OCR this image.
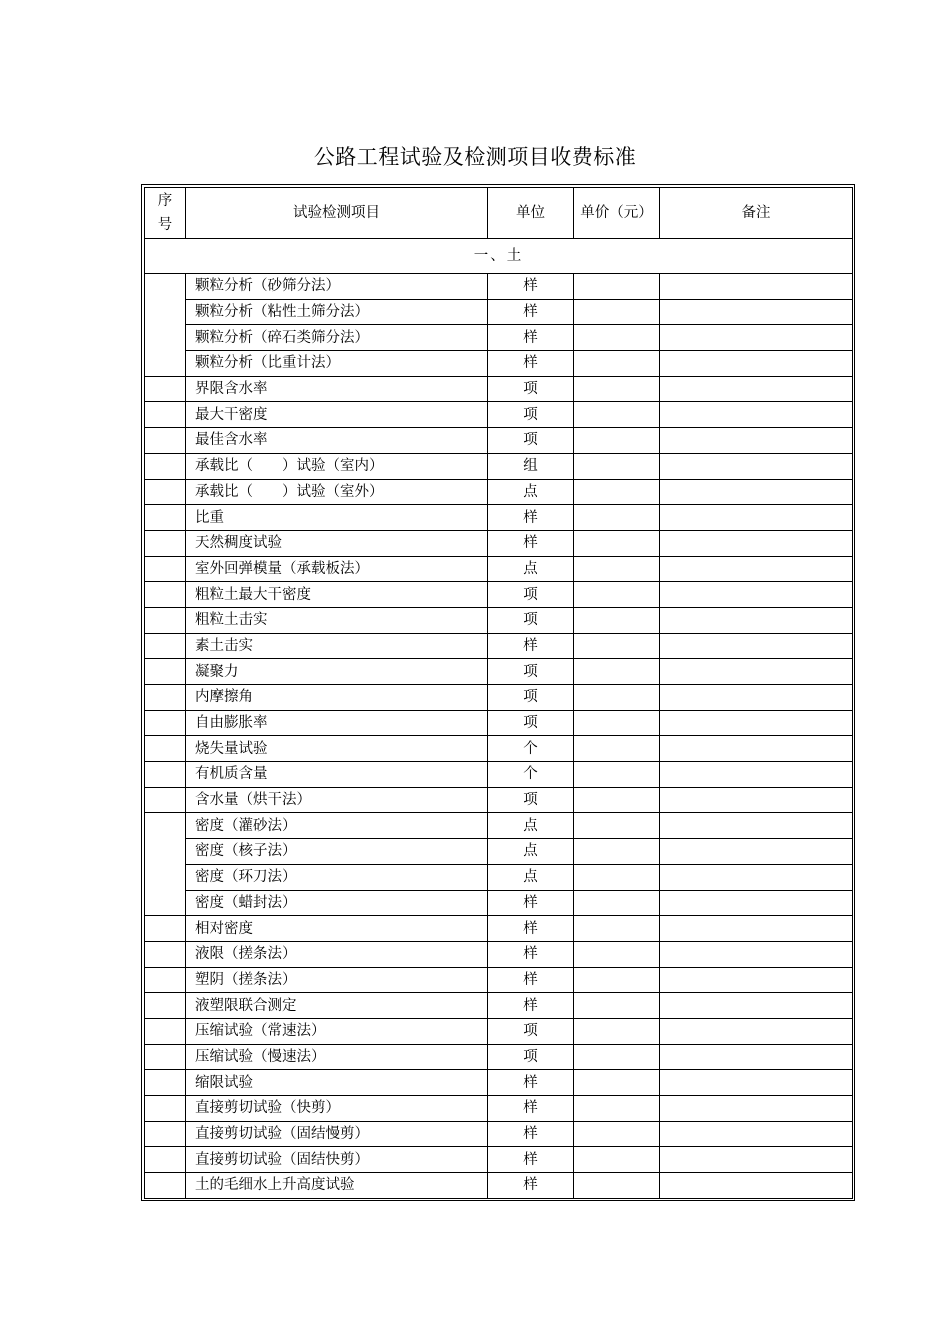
公路工程试验及检测项目收费标准
序
号	试验检测项目	单位	单价（元）	备注
一、土				
	颗粒分析（砂筛分法）	样		
	颗粒分析（粘性土筛分法）	样		
	颗粒分析（碎石类筛分法）	样		
	颗粒分析（比重计法）	样		
	界限含水率	项		
	最大干密度	项		
	最佳含水率	项		
	承载比（　　）试验（室内）	组		
	承载比（　　）试验（室外）	点		
	比重	样		
	天然稠度试验	样		
	室外回弹模量（承载板法）	点		
	粗粒土最大干密度	项		
	粗粒土击实	项		
	素土击实	样		
	凝聚力	项		
	内摩擦角	项		
	自由膨胀率	项		
	烧失量试验	个		
	有机质含量	个		
	含水量（烘干法）	项		
	密度（灌砂法）	点		
	密度（核子法）	点		
	密度（环刀法）	点		
	密度（蜡封法）	样		
	相对密度	样		
	液限（搓条法）	样		
	塑阴（搓条法）	样		
	液塑限联合测定	样		
	压缩试验（常速法）	项		
	压缩试验（慢速法）	项		
	缩限试验	样		
	直接剪切试验（快剪）	样		
	直接剪切试验（固结慢剪）	样		
	直接剪切试验（固结快剪）	样		
	土的毛细水上升高度试验	样		
